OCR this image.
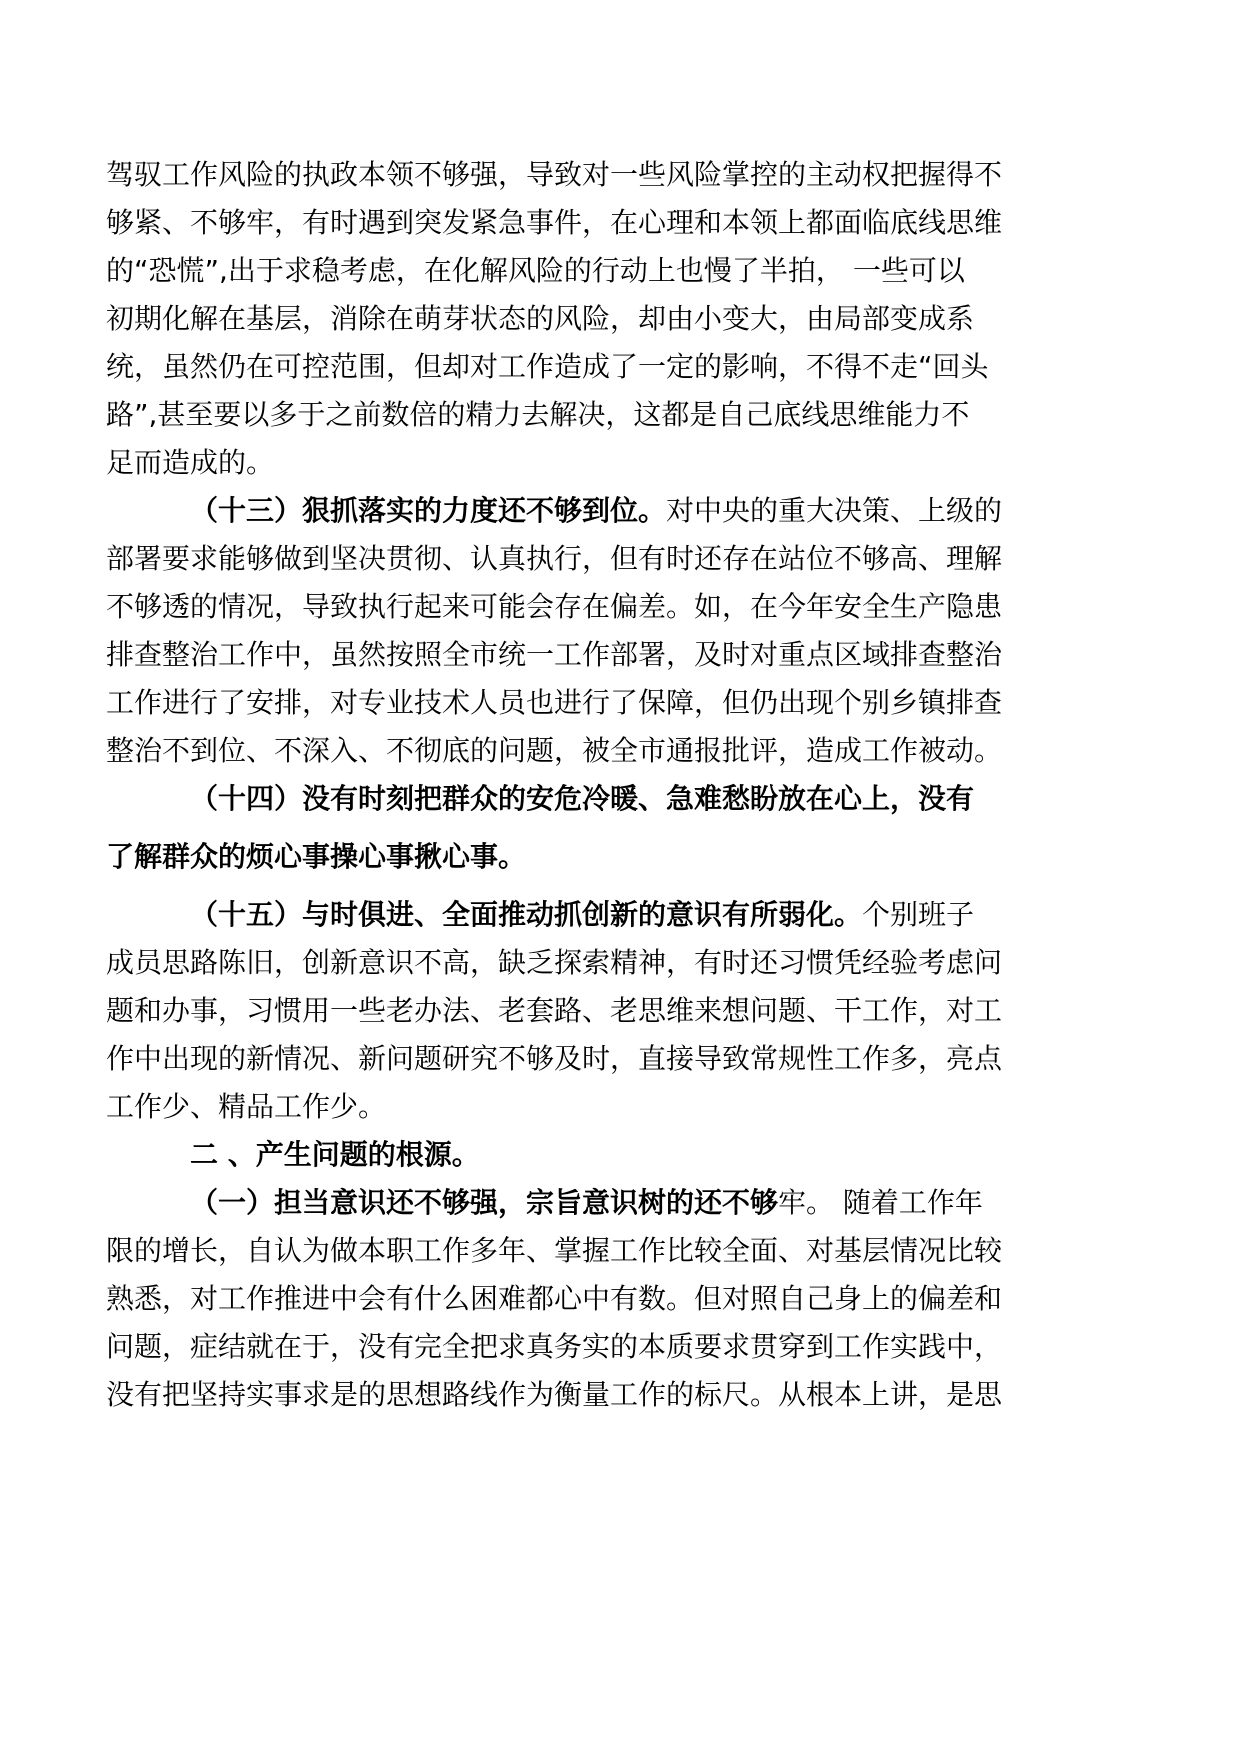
驾驭工作风险的执政本领不够强，导致对一些风险掌控的主动权把握得不
够紧、不够牢，有时遇到突发紧急事件，在心理和本领上都面临底线思维
的“恐慌”,出于求稳考虑，在化解风险的行动上也慢了半拍， 一些可以
初期化解在基层，消除在萌芽状态的风险，却由小变大，由局部变成系
统，虽然仍在可控范围，但却对工作造成了一定的影响，不得不走“回头
路”,甚至要以多于之前数倍的精力去解决，这都是自己底线思维能力不
足而造成的。
（十三）狠抓落实的力度还不够到位。对中央的重大决策、上级的
部署要求能够做到坚决贯彻、认真执行，但有时还存在站位不够高、理解
不够透的情况，导致执行起来可能会存在偏差。如，在今年安全生产隐患
排查整治工作中，虽然按照全市统一工作部署，及时对重点区域排查整治
工作进行了安排，对专业技术人员也进行了保障，但仍出现个别乡镇排查
整治不到位、不深入、不彻底的问题，被全市通报批评，造成工作被动。
（十四）没有时刻把群众的安危冷暖、急难愁盼放在心上，没有
了解群众的烦心事操心事揪心事。
（十五）与时俱进、全面推动抓创新的意识有所弱化。个别班子
成员思路陈旧，创新意识不高，缺乏探索精神，有时还习惯凭经验考虑问
题和办事，习惯用一些老办法、老套路、老思维来想问题、干工作，对工
作中出现的新情况、新问题研究不够及时，直接导致常规性工作多，亮点
工作少、精品工作少。
二 、产生问题的根源。
（一）担当意识还不够强，宗旨意识树的还不够牢。 随着工作年
限的增长，自认为做本职工作多年、掌握工作比较全面、对基层情况比较
熟悉，对工作推进中会有什么困难都心中有数。但对照自己身上的偏差和
问题，症结就在于，没有完全把求真务实的本质要求贯穿到工作实践中，
没有把坚持实事求是的思想路线作为衡量工作的标尺。从根本上讲，是思
